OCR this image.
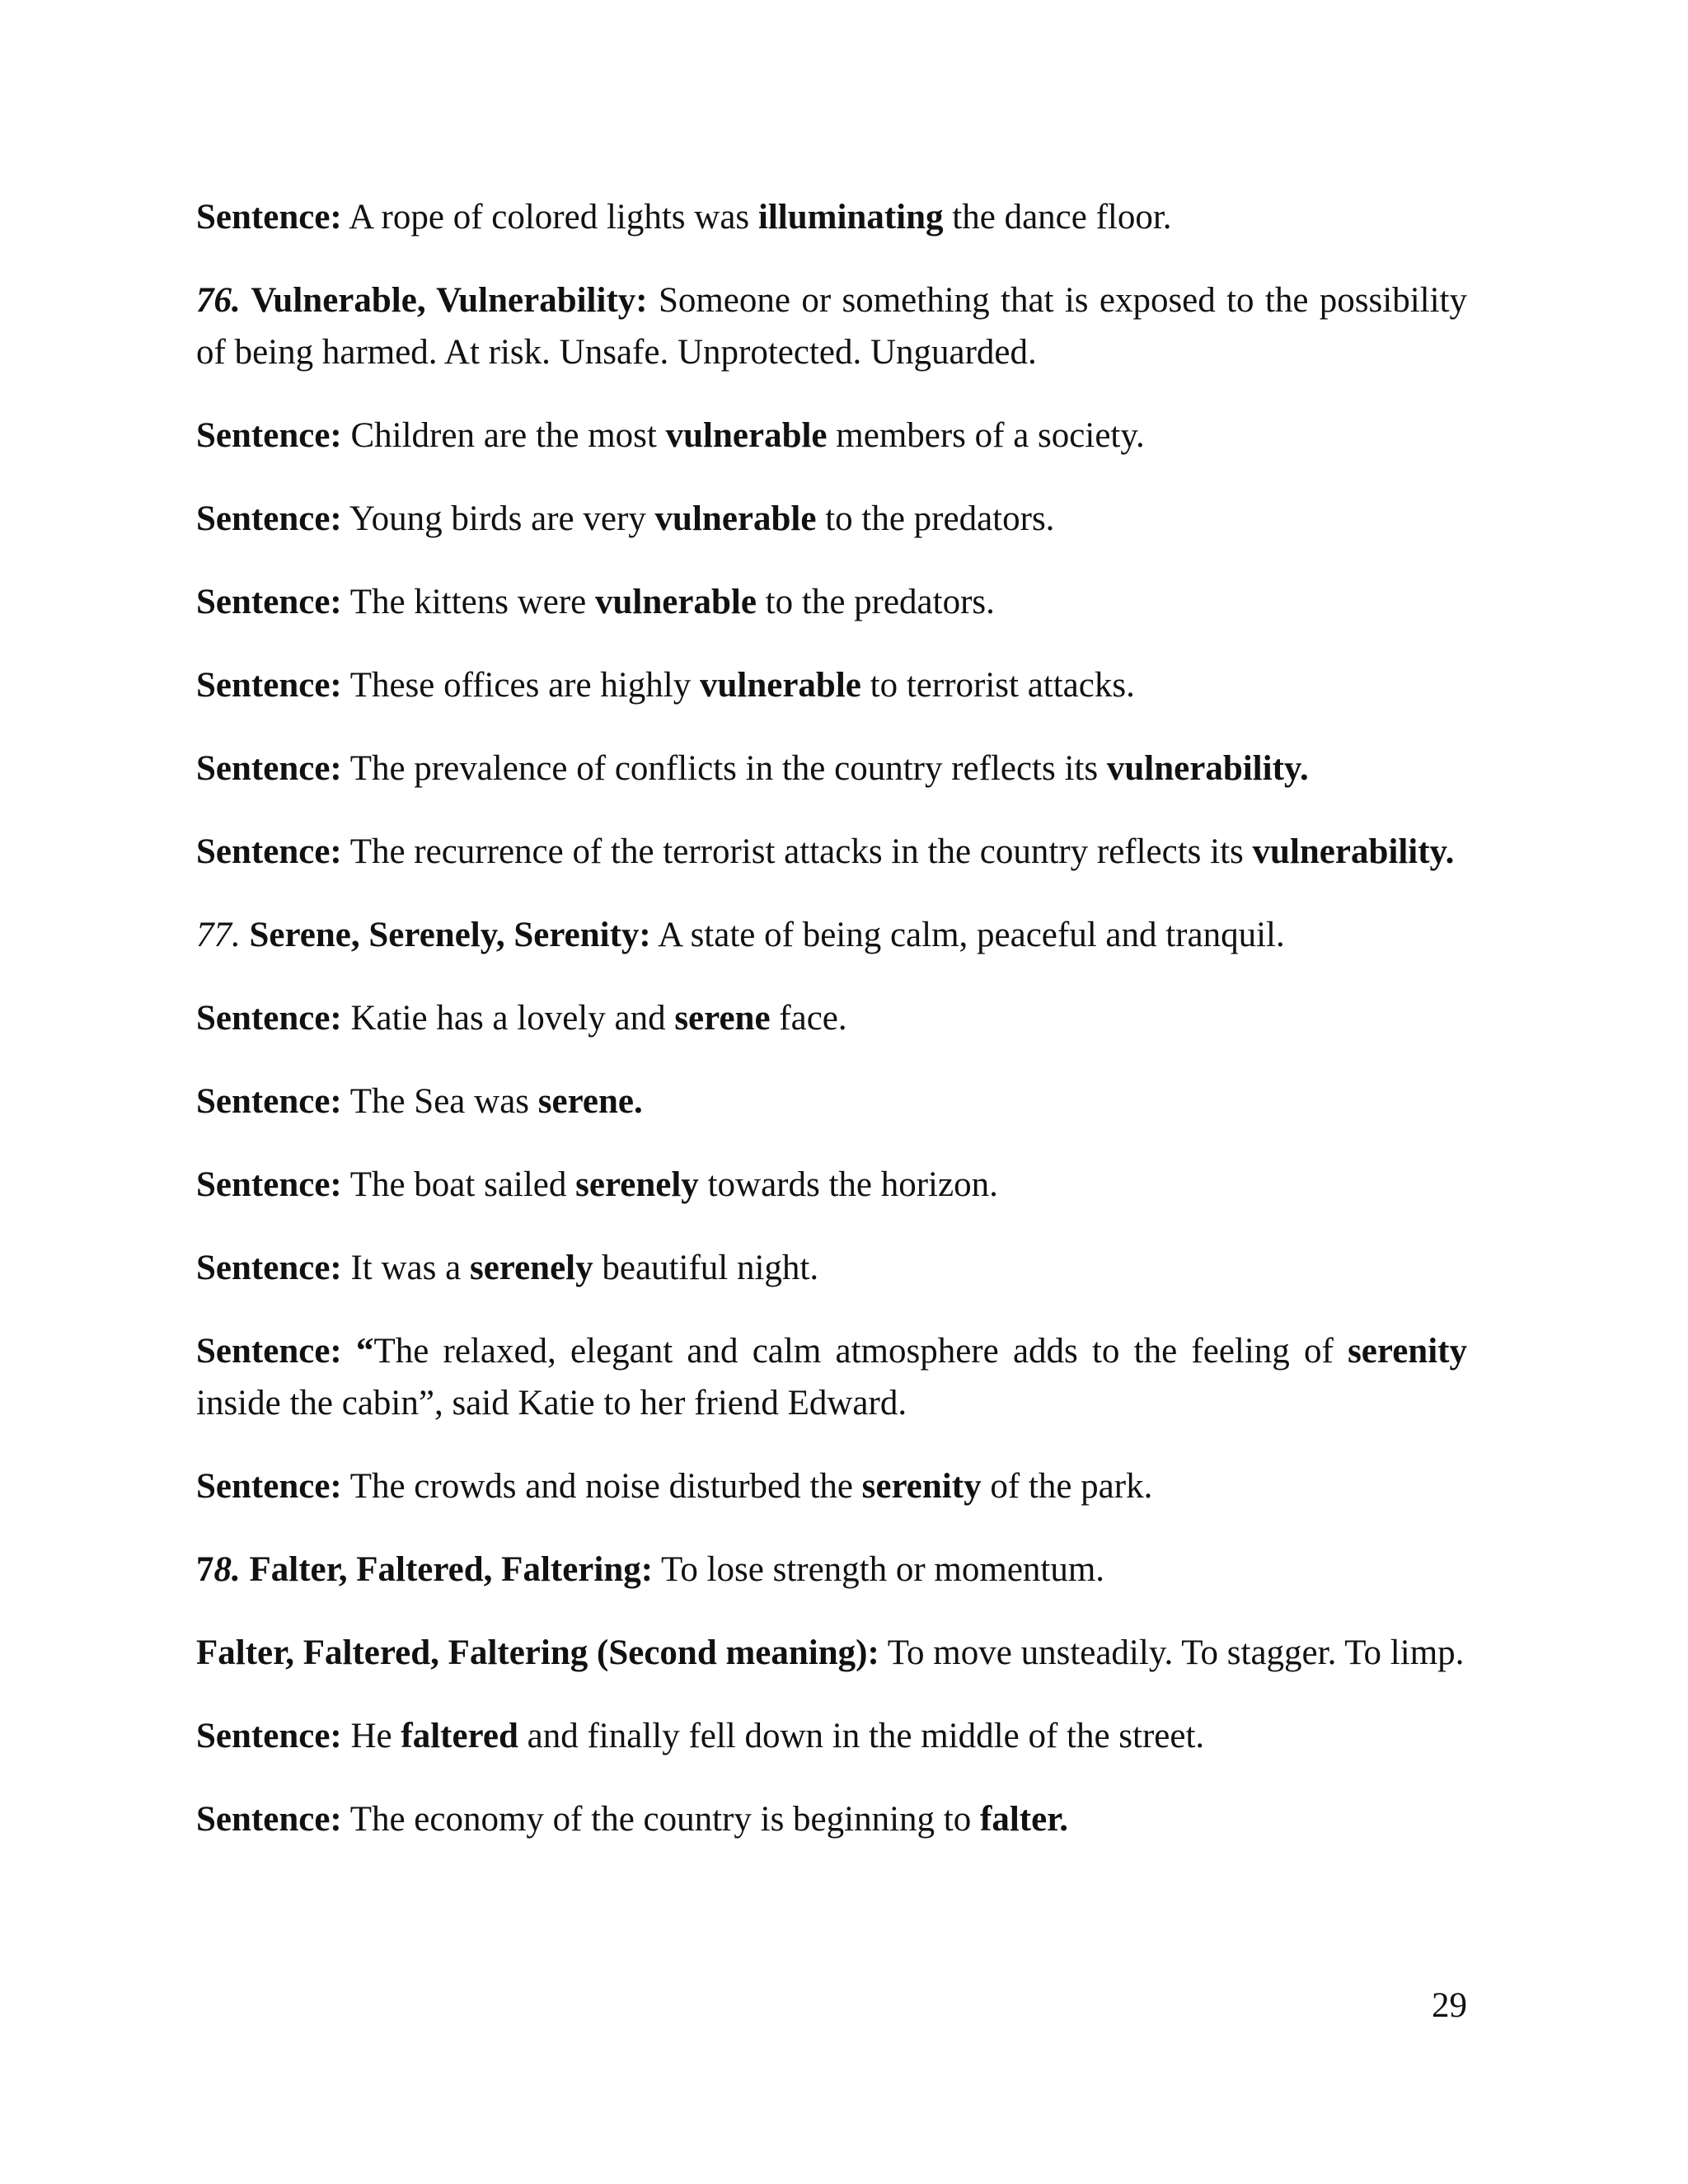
Sentence: A rope of colored lights was illuminating the dance floor.

76. Vulnerable, Vulnerability: Someone or something that is exposed to the possibility of being harmed. At risk. Unsafe. Unprotected. Unguarded.

Sentence: Children are the most vulnerable members of a society.

Sentence: Young birds are very vulnerable to the predators.

Sentence: The kittens were vulnerable to the predators.

Sentence: These offices are highly vulnerable to terrorist attacks.

Sentence: The prevalence of conflicts in the country reflects its vulnerability.

Sentence: The recurrence of the terrorist attacks in the country reflects its vulnerability.

77. Serene, Serenely, Serenity: A state of being calm, peaceful and tranquil.

Sentence: Katie has a lovely and serene face.

Sentence: The Sea was serene.

Sentence: The boat sailed serenely towards the horizon.

Sentence: It was a serenely beautiful night.

Sentence: “The relaxed, elegant and calm atmosphere adds to the feeling of serenity inside the cabin”, said Katie to her friend Edward.

Sentence: The crowds and noise disturbed the serenity of the park.

78. Falter, Faltered, Faltering: To lose strength or momentum.

Falter, Faltered, Faltering (Second meaning): To move unsteadily. To stagger. To limp.

Sentence: He faltered and finally fell down in the middle of the street.

Sentence: The economy of the country is beginning to falter.

29
